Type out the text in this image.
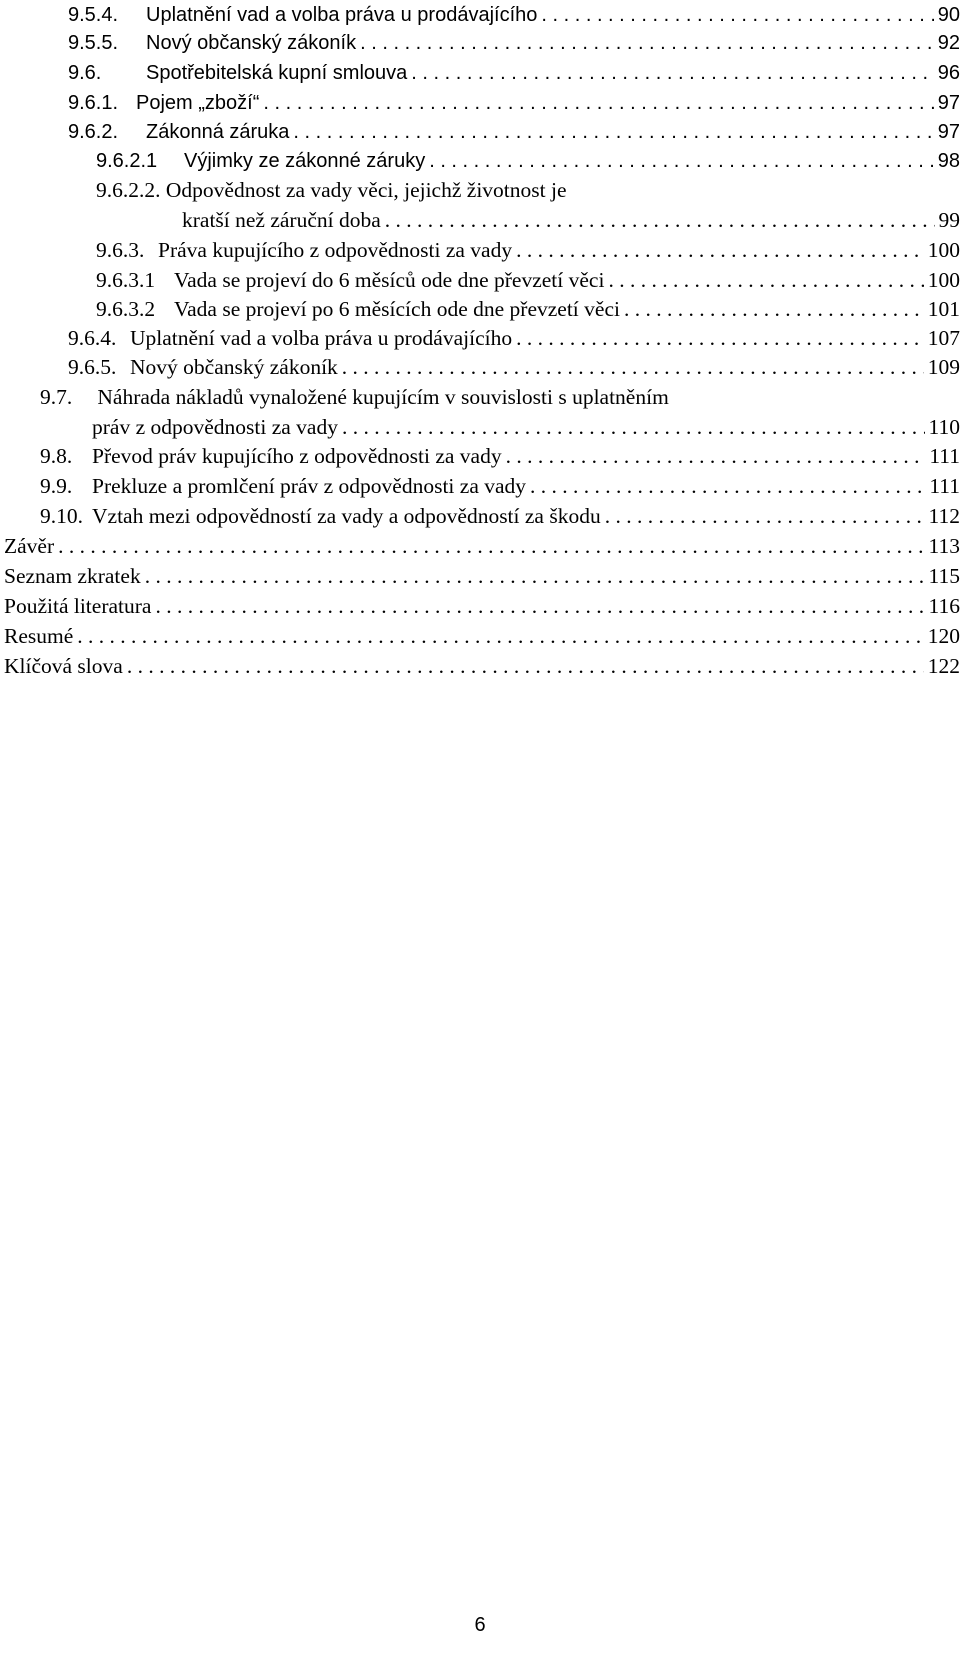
9.5.4.	Uplatnění vad a volba práva u prodávajícího . . .	90
9.5.5.	Nový občanský zákoník . . .	92
9.6.	Spotřebitelská kupní smlouva . . .	96
9.6.1. Pojem „zboží“ . . .	97
9.6.2.	Zákonná záruka . . .	97
9.6.2.1	Výjimky ze zákonné záruky . . .	98
9.6.2.2. Odpovědnost za vady věci, jejichž životnost je
kratší než záruční doba . . .	99
9.6.3. Práva kupujícího z odpovědnosti za vady . . .	100
9.6.3.1 Vada se projeví do 6 měsíců ode dne převzetí věci . . .	100
9.6.3.2 Vada se projeví po 6 měsících ode dne převzetí věci . . .	101
9.6.4. Uplatnění vad a volba práva u prodávajícího . . .	107
9.6.5. Nový občanský zákoník . . .	109
9.7. Náhrada nákladů vynaložené kupujícím v souvislosti s uplatněním
práv z odpovědnosti za vady . . .	110
9.8. Převod práv kupujícího z odpovědnosti za vady . . .	111
9.9. Prekluze a promlčení práv z odpovědnosti za vady . . .	111
9.10. Vztah mezi odpovědností za vady a odpovědností za škodu . . .	112
Závěr . . .	113
Seznam zkratek . . .	115
Použitá literatura . . .	116
Resumé . . .	120
Klíčová slova . . .	122
6
